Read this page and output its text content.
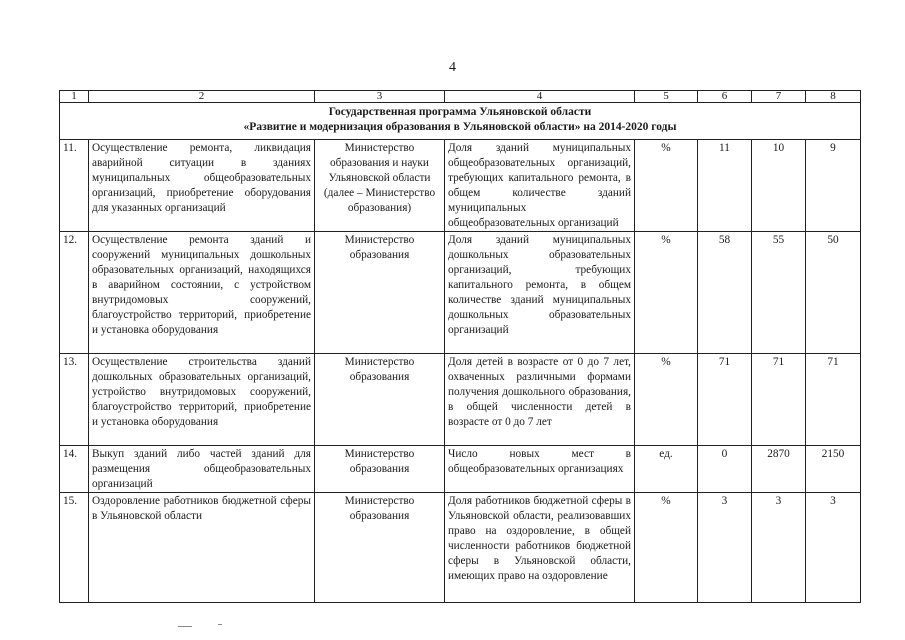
4
1	2	3	4	5	6	7	8

Государственная программа Ульяновской области
«Развитие и модернизация образования в Ульяновской области» на 2014-2020 годы							

11.	Осуществление ремонта, ликвидация аварийной ситуации в зданиях муниципальных общеобразовательных организаций, приобретение оборудования для указанных организаций	Министерство образования и науки Ульяновской области (далее – Министерство образования)	Доля зданий муниципальных общеобразовательных организаций, требующих капитального ремонта, в общем количестве зданий муниципальных общеобразовательных организаций	%	11	10	9
12.	Осуществление ремонта зданий и сооружений муниципальных дошкольных образовательных организаций, находящихся в аварийном состоянии, с устройством внутридомовых сооружений, благоустройство территорий, приобретение и установка оборудования	Министерство образования	Доля зданий муниципальных дошкольных образовательных организаций, требующих капитального ремонта, в общем количестве зданий муниципальных дошкольных образовательных организаций	%	58	55	50
13.	Осуществление строительства зданий дошкольных образовательных организаций, устройство внутридомовых сооружений, благоустройство территорий, приобретение и установка оборудования	Министерство образования	Доля детей в возрасте от 0 до 7 лет, охваченных различными формами получения дошкольного образования, в общей численности детей в возрасте от 0 до 7 лет	%	71	71	71
14.	Выкуп зданий либо частей зданий для размещения общеобразовательных организаций	Министерство образования	Число новых мест в общеобразовательных организациях	ед.	0	2870	2150
15.	Оздоровление работников бюджетной сферы в Ульяновской области	Министерство образования	Доля работников бюджетной сферы в Ульяновской области, реализовавших право на оздоровление, в общей численности работников бюджетной сферы в Ульяновской области, имеющих право на оздоровление	%	3	3	3
